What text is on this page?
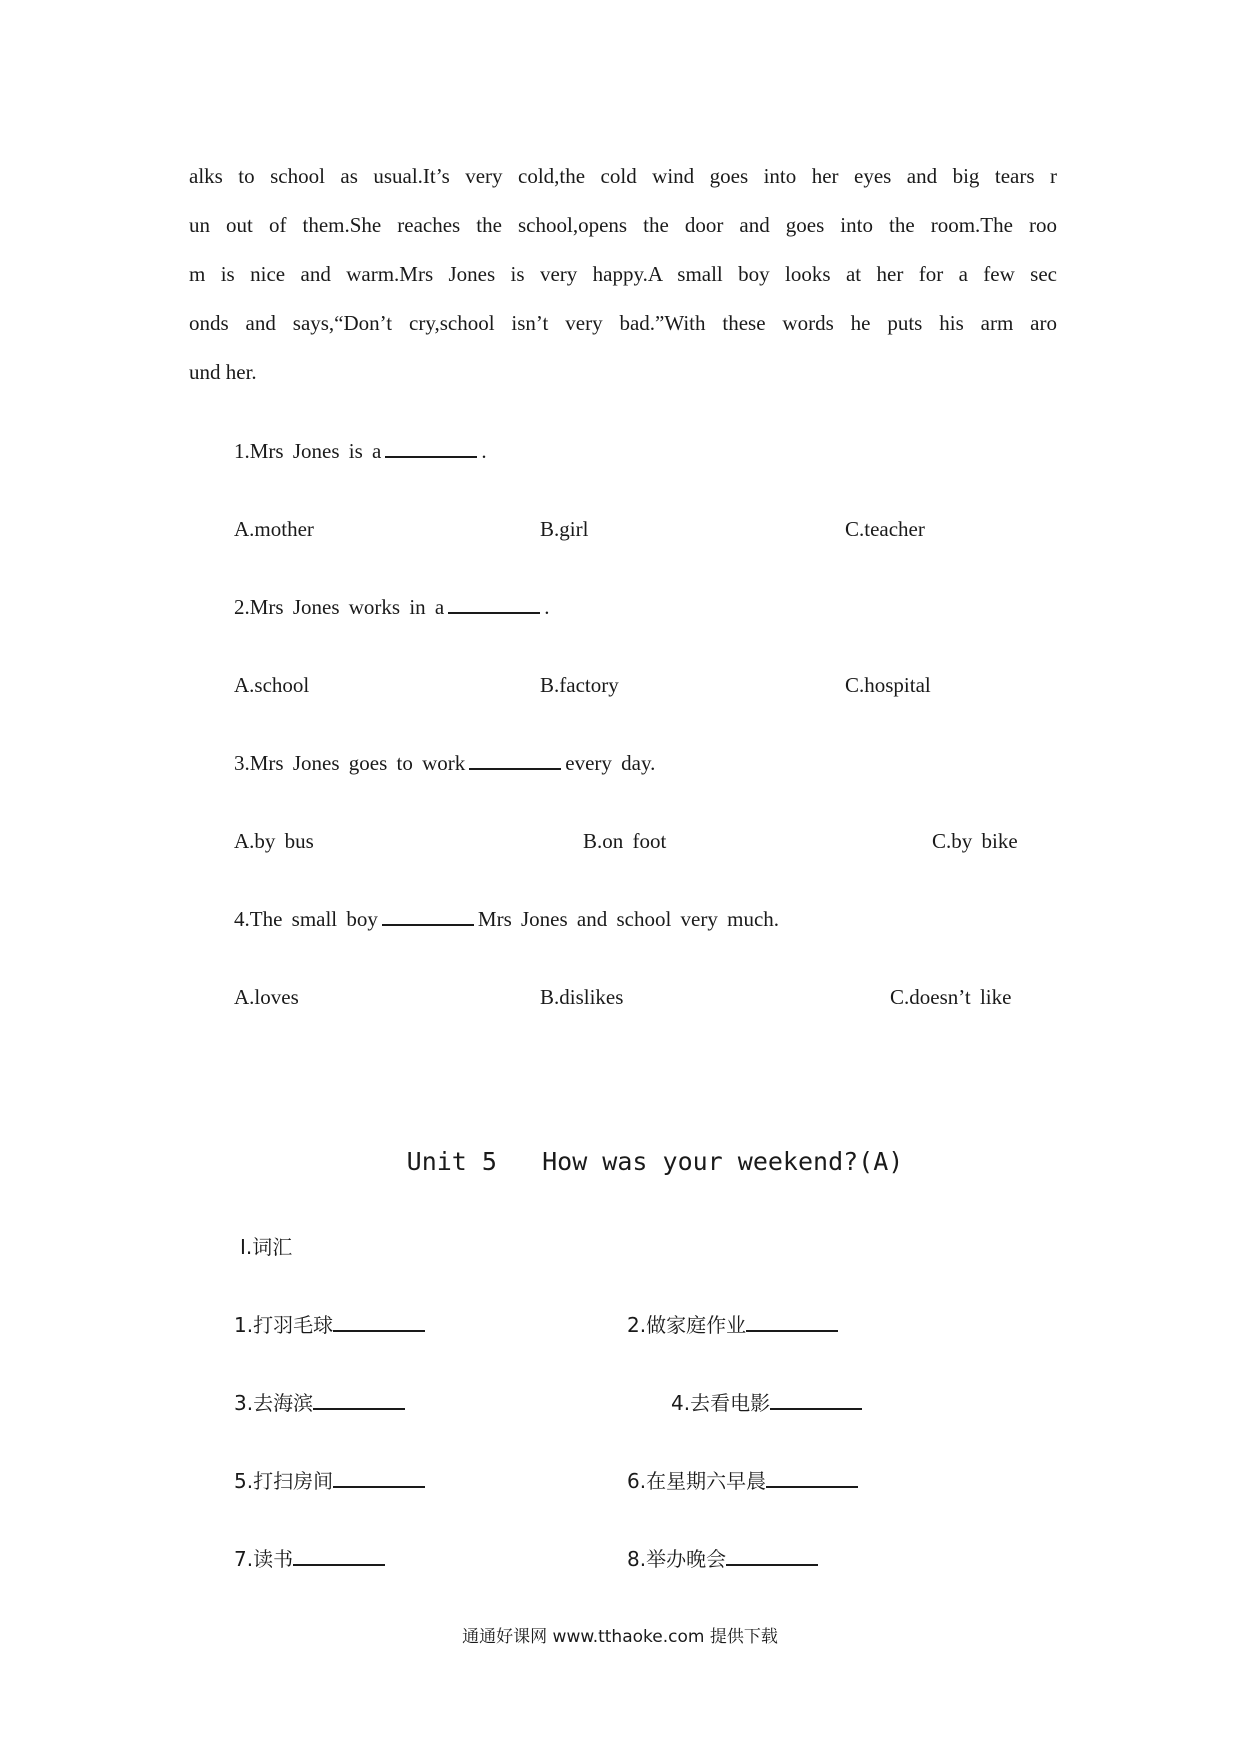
alks to school as usual.It’s very cold,the cold wind goes into her eyes and big tears r
un out of them.She reaches the school,opens the door and goes into the room.The roo
m is nice and warm.Mrs Jones is very happy.A small boy looks at her for a few sec
onds and says,“Don’t cry,school isn’t very bad.”With these words he puts his arm aro
und her.
1.Mrs Jones is a	.
A.mother	B.girl	C.teacher
2.Mrs Jones works in a	.
A.school	B.factory	C.hospital
3.Mrs Jones goes to work	every day.
A.by bus	B.on foot	C.by bike
4.The small boy	Mrs Jones and school very much.
A.loves	B.dislikes	C.doesn’t like
Unit 5   How was your weekend?(A)
Ⅰ.词汇
1.打羽毛球	2.做家庭作业
3.去海滨	4.去看电影
5.打扫房间	6.在星期六早晨
7.读书	8.举办晚会
通通好课网 www.tthaoke.com 提供下载
